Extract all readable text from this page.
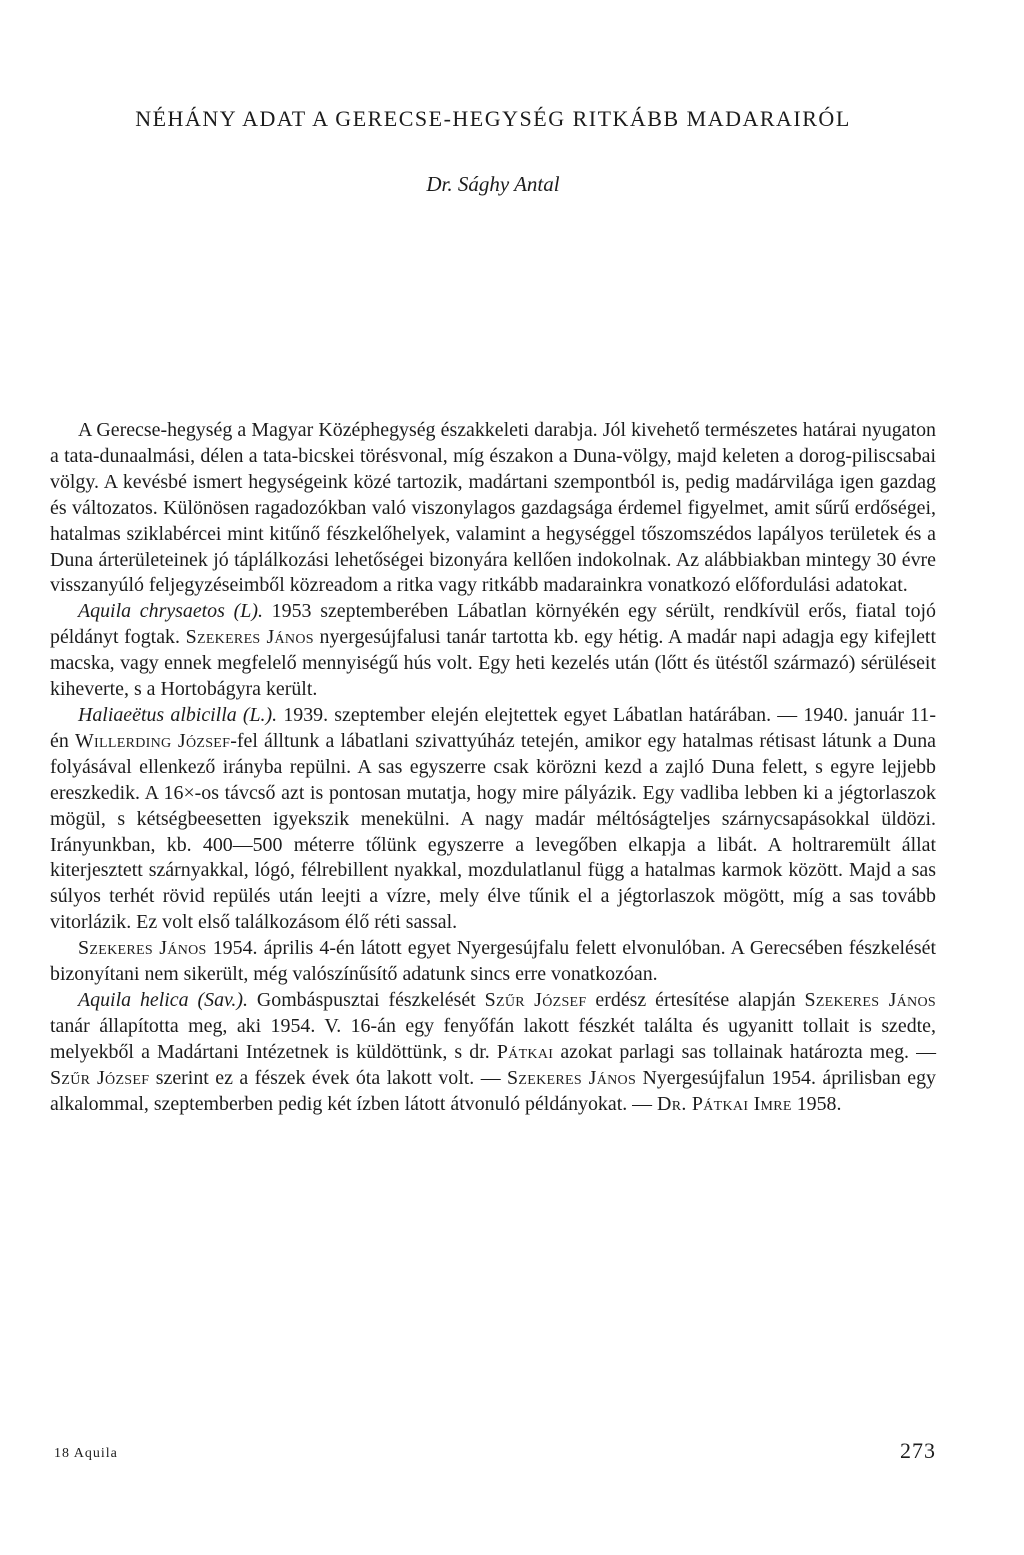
NÉHÁNY ADAT A GERECSE-HEGYSÉG RITKÁBB MADARAIRÓL
Dr. Sághy Antal

A Gerecse-hegység a Magyar Középhegység északkeleti darabja. Jól kivehető természetes határai nyugaton a tata-dunaalmási, délen a tata-bicskei törésvonal, míg északon a Duna-völgy, majd keleten a dorog-piliscsabai völgy. A kevésbé ismert hegységeink közé tartozik, madártani szempontból is, pedig madárvilága igen gazdag és változatos. Különösen ragadozókban való viszonylagos gazdagsága érdemel figyelmet, amit sűrű erdőségei, hatalmas sziklabércei mint kitűnő fészkelőhelyek, valamint a hegységgel tőszomszédos lapályos területek és a Duna árterületeinek jó táplálkozási lehetőségei bizonyára kellően indokolnak. Az alábbiakban mintegy 30 évre visszanyúló feljegyzéseimből közreadom a ritka vagy ritkább madarainkra vonatkozó előfordulási adatokat.

Aquila chrysaetos (L). 1953 szeptemberében Lábatlan környékén egy sérült, rendkívül erős, fiatal tojó példányt fogtak. Szekeres János nyergesújfalusi tanár tartotta kb. egy hétig. A madár napi adagja egy kifejlett macska, vagy ennek megfelelő mennyiségű hús volt. Egy heti kezelés után (lőtt és ütéstől származó) sérüléseit kiheverte, s a Hortobágyra került.

Haliaeëtus albicilla (L.). 1939. szeptember elején elejtettek egyet Lábatlan határában. — 1940. január 11-én Willerding József-fel álltunk a lábatlani szivattyúház tetején, amikor egy hatalmas rétisast látunk a Duna folyásával ellenkező irányba repülni. A sas egyszerre csak körözni kezd a zajló Duna felett, s egyre lejjebb ereszkedik. A 16×-os távcső azt is pontosan mutatja, hogy mire pályázik. Egy vadliba lebben ki a jégtorlaszok mögül, s kétségbeesetten igyekszik menekülni. A nagy madár méltóságteljes szárnycsapásokkal üldözi. Irányunkban, kb. 400—500 méterre tőlünk egyszerre a levegőben elkapja a libát. A holtraremült állat kiterjesztett szárnyakkal, lógó, félrebillent nyakkal, mozdulatlanul függ a hatalmas karmok között. Majd a sas súlyos terhét rövid repülés után leejti a vízre, mely élve tűnik el a jégtorlaszok mögött, míg a sas tovább vitorlázik. Ez volt első találkozásom élő réti sassal.

Szekeres János 1954. április 4-én látott egyet Nyergesújfalu felett elvonulóban. A Gerecsében fészkelését bizonyítani nem sikerült, még valószínűsítő adatunk sincs erre vonatkozóan.

Aquila helica (Sav.). Gombáspusztai fészkelését Szűr József erdész értesítése alapján Szekeres János tanár állapította meg, aki 1954. V. 16-án egy fenyőfán lakott fészkét találta és ugyanitt tollait is szedte, melyekből a Madártani Intézetnek is küldöttünk, s dr. Pátkai azokat parlagi sas tollainak határozta meg. — Szűr József szerint ez a fészek évek óta lakott volt. — Szekeres János Nyergesújfalun 1954. áprilisban egy alkalommal, szeptemberben pedig két ízben látott átvonuló példányokat. — Dr. Pátkai Imre 1958.

18 Aquila	273
